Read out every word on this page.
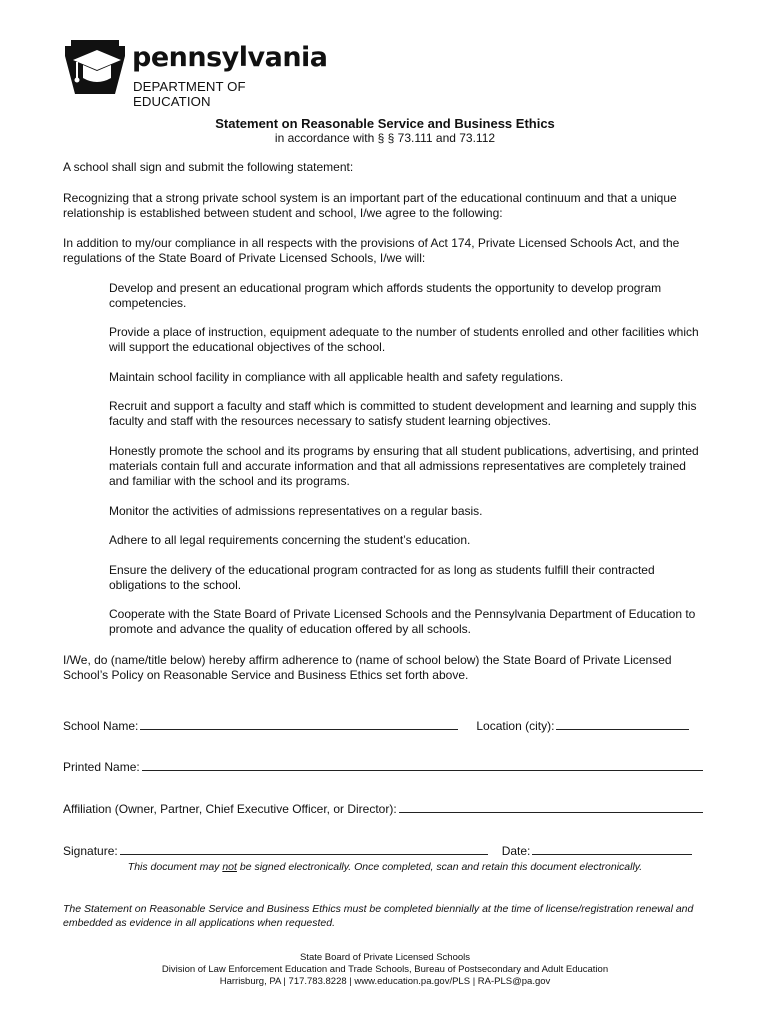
pennsylvania
DEPARTMENT OF EDUCATION
Statement on Reasonable Service and Business Ethics
in accordance with § § 73.111 and 73.112
A school shall sign and submit the following statement:
Recognizing that a strong private school system is an important part of the educational continuum and that a unique relationship is established between student and school, I/we agree to the following:
In addition to my/our compliance in all respects with the provisions of Act 174, Private Licensed Schools Act, and the regulations of the State Board of Private Licensed Schools, I/we will:
Develop and present an educational program which affords students the opportunity to develop program competencies.
Provide a place of instruction, equipment adequate to the number of students enrolled and other facilities which will support the educational objectives of the school.
Maintain school facility in compliance with all applicable health and safety regulations.
Recruit and support a faculty and staff which is committed to student development and learning and supply this faculty and staff with the resources necessary to satisfy student learning objectives.
Honestly promote the school and its programs by ensuring that all student publications, advertising, and printed materials contain full and accurate information and that all admissions representatives are completely trained and familiar with the school and its programs.
Monitor the activities of admissions representatives on a regular basis.
Adhere to all legal requirements concerning the student’s education.
Ensure the delivery of the educational program contracted for as long as students fulfill their contracted obligations to the school.
Cooperate with the State Board of Private Licensed Schools and the Pennsylvania Department of Education to promote and advance the quality of education offered by all schools.
I/We, do (name/title below) hereby affirm adherence to (name of school below) the State Board of Private Licensed School’s Policy on Reasonable Service and Business Ethics set forth above.
School Name:	Location (city):
Printed Name:
Affiliation (Owner, Partner, Chief Executive Officer, or Director):
Signature:	Date:
This document may not be signed electronically. Once completed, scan and retain this document electronically.
The Statement on Reasonable Service and Business Ethics must be completed biennially at the time of license/registration renewal and embedded as evidence in all applications when requested.
State Board of Private Licensed Schools
Division of Law Enforcement Education and Trade Schools, Bureau of Postsecondary and Adult Education
Harrisburg, PA | 717.783.8228 | www.education.pa.gov/PLS | RA-PLS@pa.gov
